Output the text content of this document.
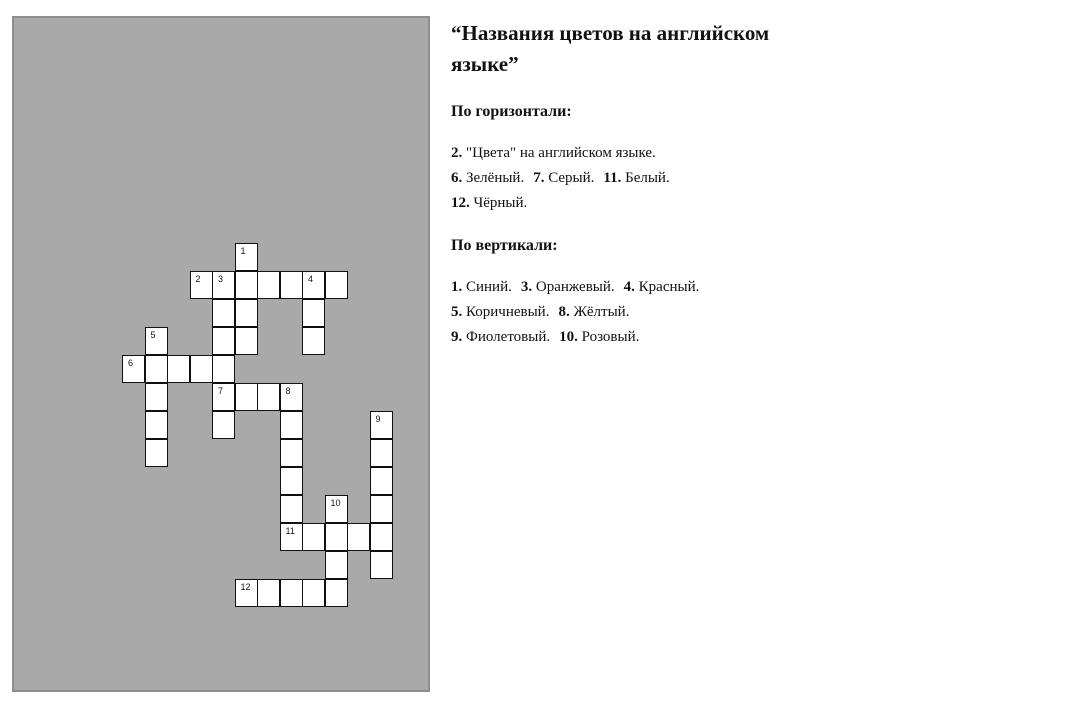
1
2 3	4
7
5
6
8
11
9
10
12
“Названия цветов на английском языке”
По горизонтали:
2. "Цвета" на английском языке.
6. Зелёный. 7. Серый. 11. Белый.
12. Чёрный.
По вертикали:
1. Синий. 3. Оранжевый. 4. Красный.
5. Коричневый. 8. Жёлтый.
9. Фиолетовый. 10. Розовый.
